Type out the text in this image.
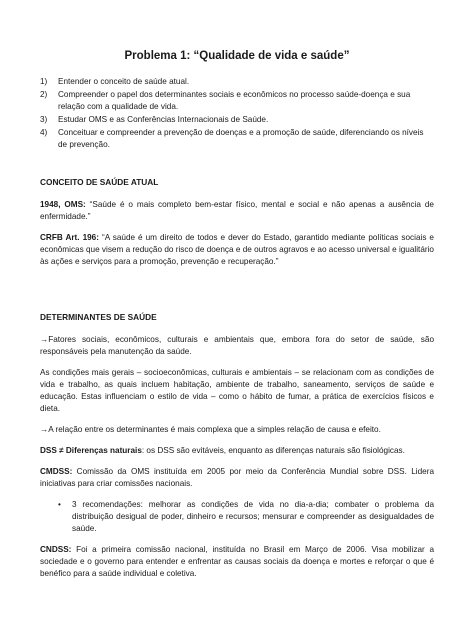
Problema 1: “Qualidade de vida e saúde”
1)	Entender o conceito de saúde atual.
2)	Compreender o papel dos determinantes sociais e econômicos no processo saúde-doença e sua relação com a qualidade de vida.
3)	Estudar OMS e as Conferências Internacionais de Saúde.
4)	Conceituar e compreender a prevenção de doenças e a promoção de saúde, diferenciando os níveis de prevenção.
CONCEITO DE SAÚDE ATUAL

1948, OMS: “Saúde é o mais completo bem-estar físico, mental e social e não apenas a ausência de enfermidade.”

CRFB Art. 196: “A saúde é um direito de todos e dever do Estado, garantido mediante políticas sociais e econômicas que visem a redução do risco de doença e de outros agravos e ao acesso universal e igualitário às ações e serviços para a promoção, prevenção e recuperação.”

DETERMINANTES DE SAÚDE

→Fatores sociais, econômicos, culturais e ambientais que, embora fora do setor de saúde, são responsáveis pela manutenção da saúde.

As condições mais gerais – socioeconômicas, culturais e ambientais – se relacionam com as condições de vida e trabalho, as quais incluem habitação, ambiente de trabalho, saneamento, serviços de saúde e educação. Estas influenciam o estilo de vida – como o hábito de fumar, a prática de exercícios físicos e dieta.

→A relação entre os determinantes é mais complexa que a simples relação de causa e efeito.

DSS ≠ Diferenças naturais: os DSS são evitáveis, enquanto as diferenças naturais são fisiológicas.

CMDSS: Comissão da OMS instituída em 2005 por meio da Conferência Mundial sobre DSS. Lidera iniciativas para criar comissões nacionais.

•	3 recomendações: melhorar as condições de vida no dia-a-dia; combater o problema da distribuição desigual de poder, dinheiro e recursos; mensurar e compreender as desigualdades de saúde.

CNDSS: Foi a primeira comissão nacional, instituída no Brasil em Março de 2006. Visa mobilizar a sociedade e o governo para entender e enfrentar as causas sociais da doença e mortes e reforçar o que é benéfico para a saúde individual e coletiva.
